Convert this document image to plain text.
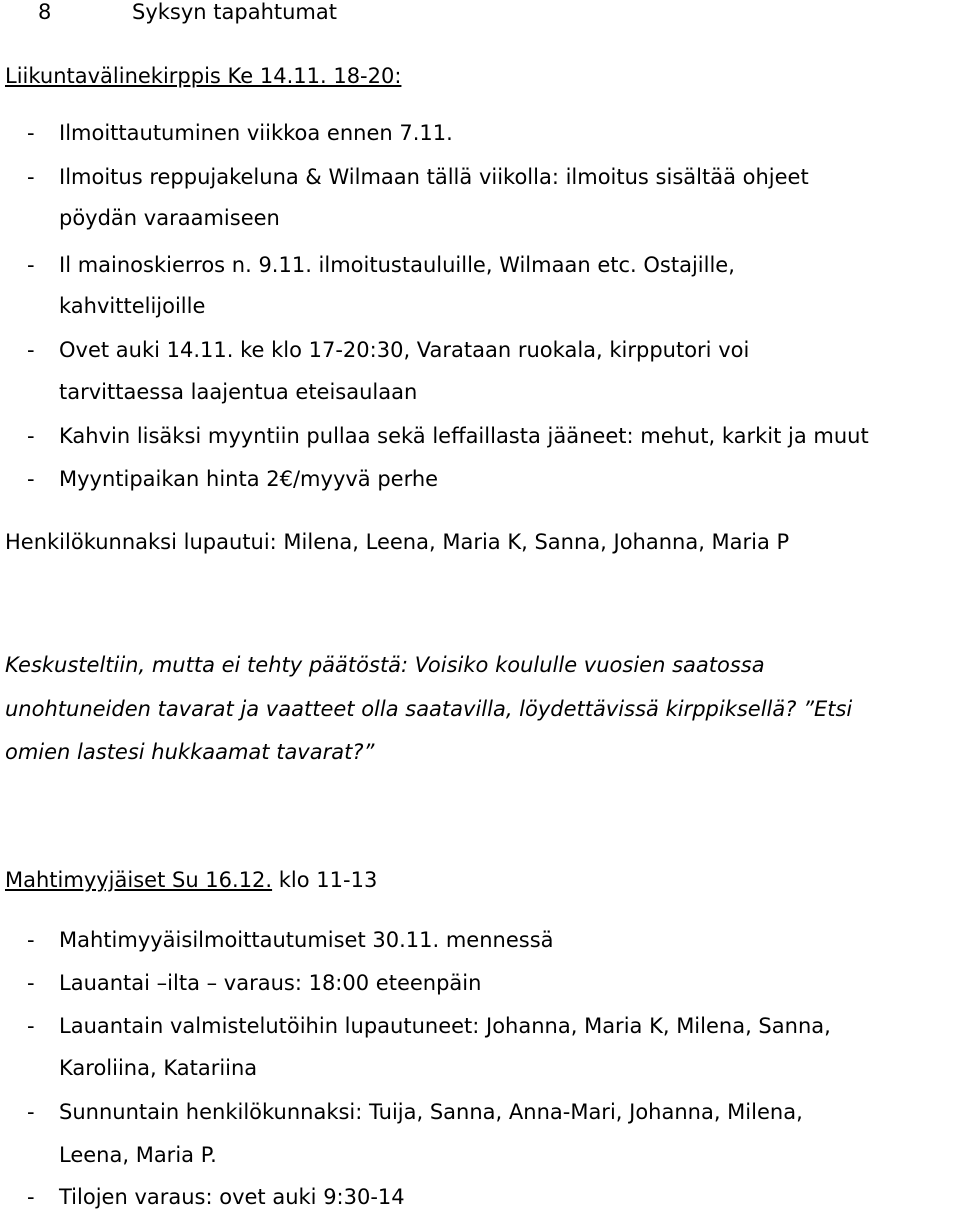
8	Syksyn tapahtumat
Liikuntavälinekirppis Ke 14.11. 18-20:
- Ilmoittautuminen viikkoa ennen 7.11.
- Ilmoitus reppujakeluna & Wilmaan tällä viikolla: ilmoitus sisältää ohjeet
pöydän varaamiseen
- Il mainoskierros n. 9.11. ilmoitustauluille, Wilmaan etc. Ostajille,
kahvittelijoille
- Ovet auki 14.11. ke klo 17-20:30, Varataan ruokala, kirpputori voi
tarvittaessa laajentua eteisaulaan
- Kahvin lisäksi myyntiin pullaa sekä leffaillasta jääneet: mehut, karkit ja muut
- Myyntipaikan hinta 2€/myyvä perhe
Henkilökunnaksi lupautui: Milena, Leena, Maria K, Sanna, Johanna, Maria P
Keskusteltiin, mutta ei tehty päätöstä: Voisiko koululle vuosien saatossa
unohtuneiden tavarat ja vaatteet olla saatavilla, löydettävissä kirppiksellä? ”Etsi
omien lastesi hukkaamat tavarat?”
Mahtimyyjäiset Su 16.12. klo 11-13
- Mahtimyyäisilmoittautumiset 30.11. mennessä
- Lauantai –ilta – varaus: 18:00 eteenpäin
- Lauantain valmistelutöihin lupautuneet: Johanna, Maria K, Milena, Sanna,
Karoliina, Katariina
- Sunnuntain henkilökunnaksi: Tuija, Sanna, Anna-Mari, Johanna, Milena,
Leena, Maria P.
- Tilojen varaus: ovet auki 9:30-14
